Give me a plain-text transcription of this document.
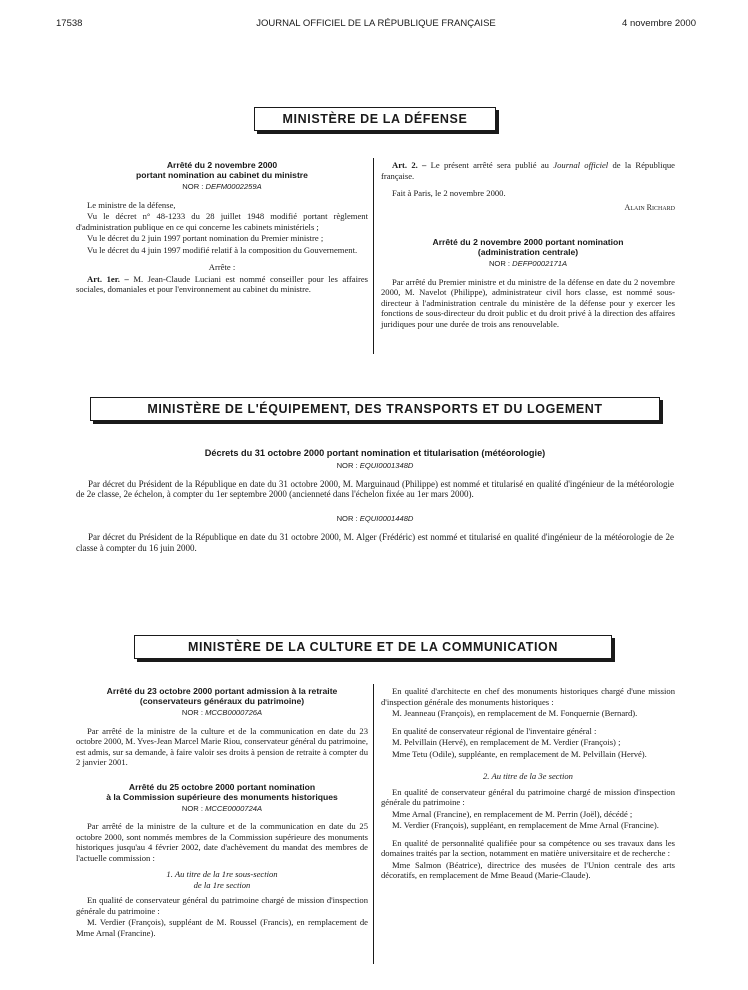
17538	JOURNAL OFFICIEL DE LA RÉPUBLIQUE FRANÇAISE	4 novembre 2000
MINISTÈRE DE LA DÉFENSE
Arrêté du 2 novembre 2000
portant nomination au cabinet du ministre
NOR : DEFM0002259A

Le ministre de la défense,

Vu le décret n° 48-1233 du 28 juillet 1948 modifié portant règlement d'administration publique en ce qui concerne les cabinets ministériels ;

Vu le décret du 2 juin 1997 portant nomination du Premier ministre ;

Vu le décret du 4 juin 1997 modifié relatif à la composition du Gouvernement.

Arrête :

Art. 1er. – M. Jean-Claude Luciani est nommé conseiller pour les affaires sociales, domaniales et pour l'environnement au cabinet du ministre.

Art. 2. – Le présent arrêté sera publié au Journal officiel de la République française.

Fait à Paris, le 2 novembre 2000.

Alain Richard
Arrêté du 2 novembre 2000 portant nomination
(administration centrale)
NOR : DEFP0002171A

Par arrêté du Premier ministre et du ministre de la défense en date du 2 novembre 2000, M. Navelot (Philippe), administrateur civil hors classe, est nommé sous-directeur à l'administration centrale du ministère de la défense pour y exercer les fonctions de sous-directeur du droit public et du droit privé à la direction des affaires juridiques pour une durée de trois ans renouvelable.

MINISTÈRE DE L'ÉQUIPEMENT, DES TRANSPORTS ET DU LOGEMENT
Décrets du 31 octobre 2000 portant nomination et titularisation (météorologie)
NOR : EQUI0001348D

Par décret du Président de la République en date du 31 octobre 2000, M. Marguinaud (Philippe) est nommé et titularisé en qualité d'ingénieur de la météorologie de 2e classe, 2e échelon, à compter du 1er septembre 2000 (ancienneté dans l'échelon fixée au 1er mars 2000).

NOR : EQUI0001448D

Par décret du Président de la République en date du 31 octobre 2000, M. Alger (Frédéric) est nommé et titularisé en qualité d'ingénieur de la météorologie de 2e classe à compter du 16 juin 2000.

MINISTÈRE DE LA CULTURE ET DE LA COMMUNICATION
Arrêté du 23 octobre 2000 portant admission à la retraite
(conservateurs généraux du patrimoine)
NOR : MCCB0000726A

Par arrêté de la ministre de la culture et de la communication en date du 23 octobre 2000, M. Yves-Jean Marcel Marie Riou, conservateur général du patrimoine, est admis, sur sa demande, à faire valoir ses droits à pension de retraite à compter du 2 janvier 2001.

Arrêté du 25 octobre 2000 portant nomination
à la Commission supérieure des monuments historiques
NOR : MCCE0000724A

Par arrêté de la ministre de la culture et de la communication en date du 25 octobre 2000, sont nommés membres de la Commission supérieure des monuments historiques jusqu'au 4 février 2002, date d'achèvement du mandat des membres de l'actuelle commission :

1. Au titre de la 1re sous-section
de la 1re section

En qualité de conservateur général du patrimoine chargé de mission d'inspection générale du patrimoine :

M. Verdier (François), suppléant de M. Roussel (Francis), en remplacement de Mme Arnal (Francine).

En qualité d'architecte en chef des monuments historiques chargé d'une mission d'inspection générale des monuments historiques :

M. Jeanneau (François), en remplacement de M. Fonquernie (Bernard).

En qualité de conservateur régional de l'inventaire général :

M. Pelvillain (Hervé), en remplacement de M. Verdier (François) ;

Mme Tetu (Odile), suppléante, en remplacement de M. Pelvillain (Hervé).

2. Au titre de la 3e section

En qualité de conservateur général du patrimoine chargé de mission d'inspection générale du patrimoine :

Mme Arnal (Francine), en remplacement de M. Perrin (Joël), décédé ;

M. Verdier (François), suppléant, en remplacement de Mme Arnal (Francine).

En qualité de personnalité qualifiée pour sa compétence ou ses travaux dans les domaines traités par la section, notamment en matière universitaire et de recherche :

Mme Salmon (Béatrice), directrice des musées de l'Union centrale des arts décoratifs, en remplacement de Mme Beaud (Marie-Claude).
